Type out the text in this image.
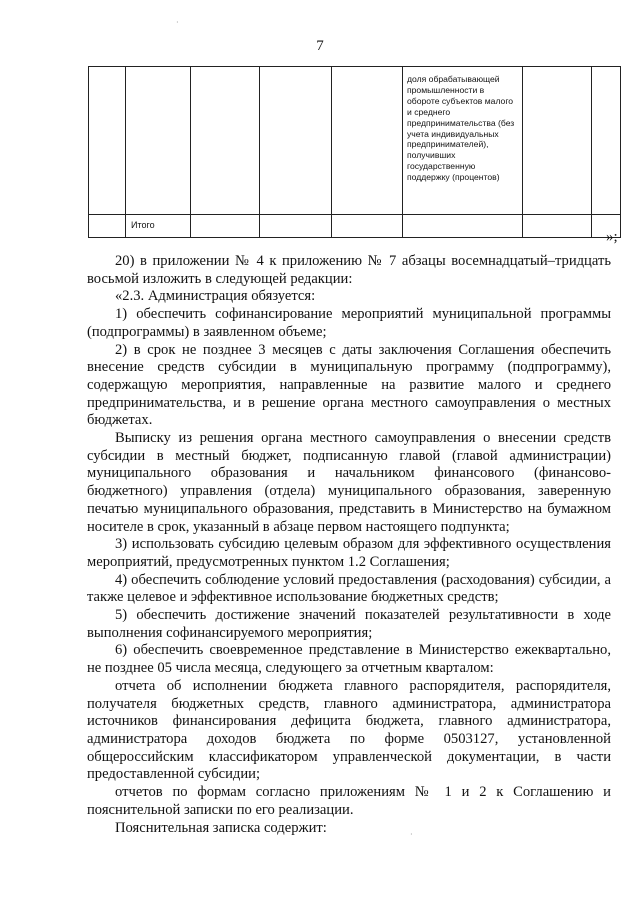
·
7

					доля обрабатывающей промышленности в обороте субъектов малого и среднего предпринимательства (без учета индивидуальных предпринимателей), получивших государственную поддержку (процентов)		

	Итого						

»;

20) в приложении № 4 к приложению № 7 абзацы восемнадцатый–тридцать восьмой изложить в следующей редакции:

«2.3. Администрация обязуется:

1) обеспечить софинансирование мероприятий муниципальной программы (подпрограммы) в заявленном объеме;

2) в срок не позднее 3 месяцев с даты заключения Соглашения обеспечить внесение средств субсидии в муниципальную программу (подпрограмму), содержащую мероприятия, направленные на развитие малого и среднего предпринимательства, и в решение органа местного самоуправления о местных бюджетах.

Выписку из решения органа местного самоуправления о внесении средств субсидии в местный бюджет, подписанную главой (главой администрации) муниципального образования и начальником финансового (финансово-бюджетного) управления (отдела) муниципального образования, заверенную печатью муниципального образования, представить в Министерство на бумажном носителе в срок, указанный в абзаце первом настоящего подпункта;

3) использовать субсидию целевым образом для эффективного осуществления мероприятий, предусмотренных пунктом 1.2 Соглашения;

4) обеспечить соблюдение условий предоставления (расходования) субсидии, а также целевое и эффективное использование бюджетных средств;

5) обеспечить достижение значений показателей результативности в ходе выполнения софинансируемого мероприятия;

6) обеспечить своевременное представление в Министерство ежеквартально, не позднее 05 числа месяца, следующего за отчетным кварталом:

отчета об исполнении бюджета главного распорядителя, распорядителя, получателя бюджетных средств, главного администратора, администратора источников финансирования дефицита бюджета, главного администратора, администратора доходов бюджета по форме 0503127, установленной общероссийским классификатором управленческой документации, в части предоставленной субсидии;

отчетов по формам согласно приложениям № 1 и 2 к Соглашению и пояснительной записки по его реализации.

Пояснительная записка содержит:	·
